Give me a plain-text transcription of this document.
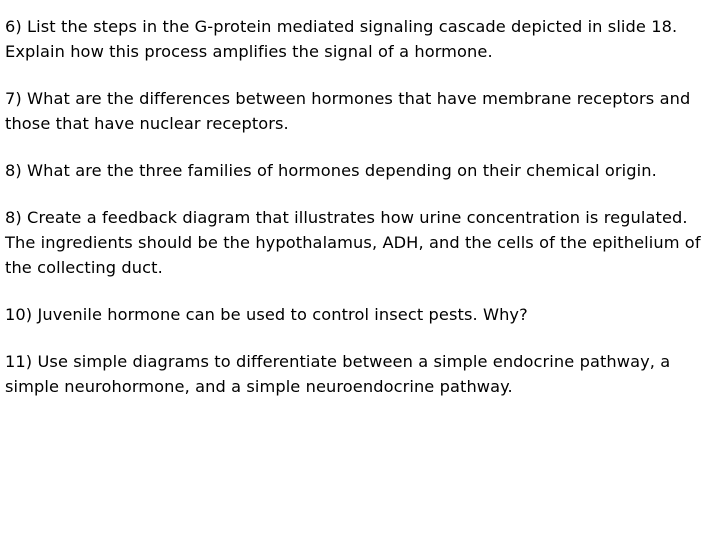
6) List the steps in the G-protein mediated signaling cascade depicted in slide 18. Explain how this process amplifies the signal of a hormone.

7) What are the differences between hormones that have membrane receptors and those that have nuclear receptors.

8) What are the three families of hormones depending on their chemical origin.

8) Create a feedback diagram that illustrates how urine concentration is regulated. The ingredients should be the hypothalamus, ADH, and the cells of the epithelium of the collecting duct.

10) Juvenile hormone can be used to control insect pests. Why?

11) Use simple diagrams to differentiate between a simple endocrine pathway, a simple neurohormone, and a simple neuroendocrine pathway.
